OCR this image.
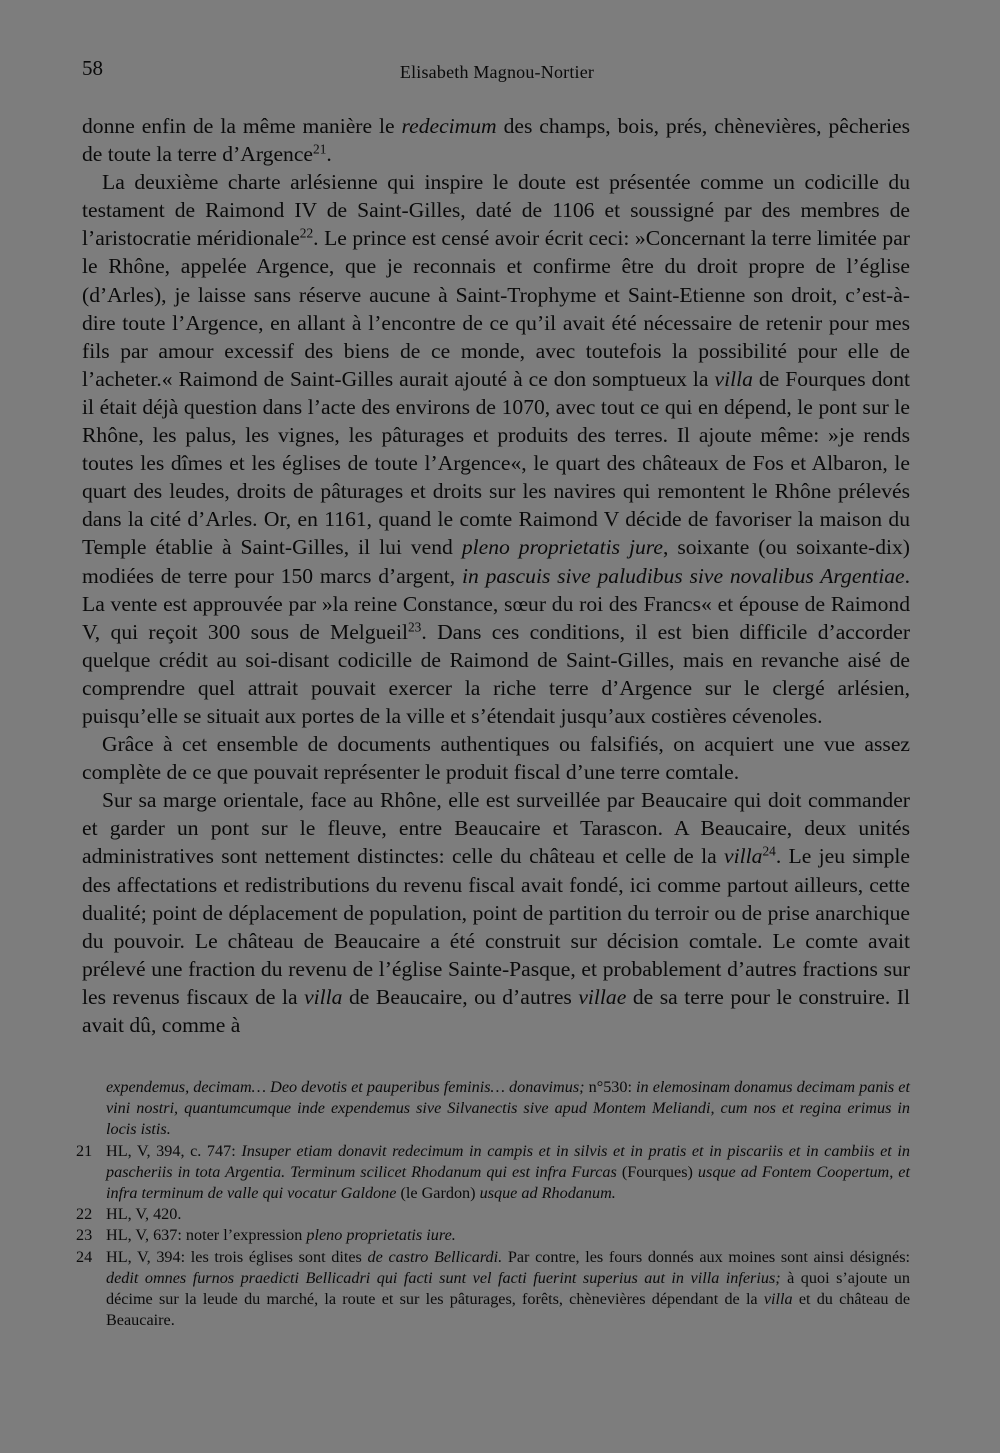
58	Elisabeth Magnou-Nortier

donne enfin de la même manière le redecimum des champs, bois, prés, chènevières, pêcheries de toute la terre d’Argence$^{21}$.

La deuxième charte arlésienne qui inspire le doute est présentée comme un codicille du testament de Raimond IV de Saint-Gilles, daté de 1106 et soussigné par des membres de l’aristocratie méridionale$^{22}$. Le prince est censé avoir écrit ceci: »Concernant la terre limitée par le Rhône, appelée Argence, que je reconnais et confirme être du droit propre de l’église (d’Arles), je laisse sans réserve aucune à Saint-Trophyme et Saint-Etienne son droit, c’est-à-dire toute l’Argence, en allant à l’encontre de ce qu’il avait été nécessaire de retenir pour mes fils par amour excessif des biens de ce monde, avec toutefois la possibilité pour elle de l’acheter.« Raimond de Saint-Gilles aurait ajouté à ce don somptueux la villa de Fourques dont il était déjà question dans l’acte des environs de 1070, avec tout ce qui en dépend, le pont sur le Rhône, les palus, les vignes, les pâturages et produits des terres. Il ajoute même: »je rends toutes les dîmes et les églises de toute l’Argence«, le quart des châteaux de Fos et Albaron, le quart des leudes, droits de pâturages et droits sur les navires qui remontent le Rhône prélevés dans la cité d’Arles. Or, en 1161, quand le comte Raimond V décide de favoriser la maison du Temple établie à Saint-Gilles, il lui vend pleno proprietatis jure, soixante (ou soixante-dix) modiées de terre pour 150 marcs d’argent, in pascuis sive paludibus sive novalibus Argentiae. La vente est approuvée par »la reine Constance, sœur du roi des Francs« et épouse de Raimond V, qui reçoit 300 sous de Melgueil$^{23}$. Dans ces conditions, il est bien difficile d’accorder quelque crédit au soi-disant codicille de Raimond de Saint-Gilles, mais en revanche aisé de comprendre quel attrait pouvait exercer la riche terre d’Argence sur le clergé arlésien, puisqu’elle se situait aux portes de la ville et s’étendait jusqu’aux costières cévenoles.

Grâce à cet ensemble de documents authentiques ou falsifiés, on acquiert une vue assez complète de ce que pouvait représenter le produit fiscal d’une terre comtale.

Sur sa marge orientale, face au Rhône, elle est surveillée par Beaucaire qui doit commander et garder un pont sur le fleuve, entre Beaucaire et Tarascon. A Beaucaire, deux unités administratives sont nettement distinctes: celle du château et celle de la villa$^{24}$. Le jeu simple des affectations et redistributions du revenu fiscal avait fondé, ici comme partout ailleurs, cette dualité; point de déplacement de population, point de partition du terroir ou de prise anarchique du pouvoir. Le château de Beaucaire a été construit sur décision comtale. Le comte avait prélevé une fraction du revenu de l’église Sainte-Pasque, et probablement d’autres fractions sur les revenus fiscaux de la villa de Beaucaire, ou d’autres villae de sa terre pour le construire. Il avait dû, comme à

expendemus, decimam… Deo devotis et pauperibus feminis… donavimus; n°530: in elemosinam donamus decimam panis et vini nostri, quantumcumque inde expendemus sive Silvanectis sive apud Montem Meliandi, cum nos et regina erimus in locis istis.
21 HL, V, 394, c. 747: Insuper etiam donavit redecimum in campis et in silvis et in pratis et in piscariis et in cambiis et in pascheriis in tota Argentia. Terminum scilicet Rhodanum qui est infra Furcas (Fourques) usque ad Fontem Coopertum, et infra terminum de valle qui vocatur Galdone (le Gardon) usque ad Rhodanum.
22 HL, V, 420.
23 HL, V, 637: noter l’expression pleno proprietatis iure.
24 HL, V, 394: les trois églises sont dites de castro Bellicardi. Par contre, les fours donnés aux moines sont ainsi désignés: dedit omnes furnos praedicti Bellicadri qui facti sunt vel facti fuerint superius aut in villa inferius; à quoi s’ajoute un décime sur la leude du marché, la route et sur les pâturages, forêts, chènevières dépendant de la villa et du château de Beaucaire.
